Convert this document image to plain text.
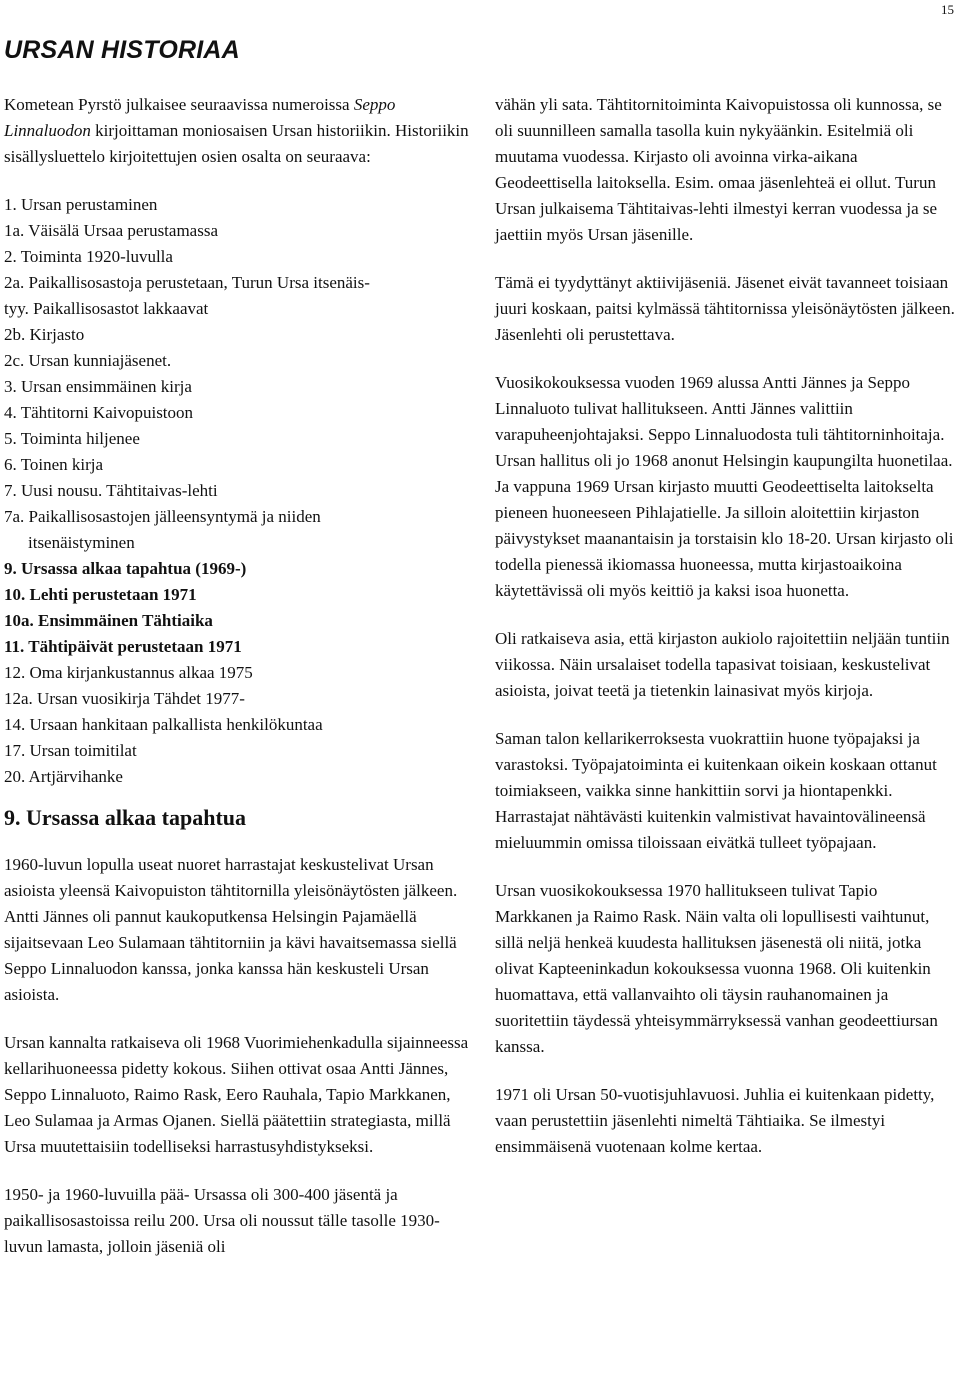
15
URSAN HISTORIAA

Kometean Pyrstö julkaisee seuraavissa numeroissa Seppo Linnaluodon kirjoittaman moniosaisen Ursan historiikin. Historiikin sisällysluettelo kirjoitettujen osien osalta on seuraava:

1. Ursan perustaminen
1a. Väisälä Ursaa perustamassa
2. Toiminta 1920-luvulla
2a. Paikallisosastoja perustetaan, Turun Ursa itsenäis-
tyy. Paikallisosastot lakkaavat
2b. Kirjasto
2c. Ursan kunniajäsenet.
3. Ursan ensimmäinen kirja
4. Tähtitorni Kaivopuistoon
5. Toiminta hiljenee
6. Toinen kirja
7. Uusi nousu. Tähtitaivas-lehti
7a. Paikallisosastojen jälleensyntymä ja niiden
itsenäistyminen
9. Ursassa alkaa tapahtua (1969-)
10. Lehti perustetaan 1971
10a. Ensimmäinen Tähtiaika
11. Tähtipäivät perustetaan 1971
12. Oma kirjankustannus alkaa 1975
12a. Ursan vuosikirja Tähdet 1977-
14. Ursaan hankitaan palkallista henkilökuntaa
17. Ursan toimitilat
20. Artjärvihanke
9. Ursassa alkaa tapahtua

1960-luvun lopulla useat nuoret harrastajat keskustelivat Ursan asioista yleensä Kaivopuiston tähtitornilla yleisönäytösten jälkeen. Antti Jännes oli pannut kaukoputkensa Helsingin Pajamäellä sijaitsevaan Leo Sulamaan tähtitorniin ja kävi havaitsemassa siellä Seppo Linnaluodon kanssa, jonka kanssa hän keskusteli Ursan asioista.

Ursan kannalta ratkaiseva oli 1968 Vuorimiehenkadulla sijainneessa kellarihuoneessa pidetty kokous. Siihen ottivat osaa Antti Jännes, Seppo Linnaluoto, Raimo Rask, Eero Rauhala, Tapio Markkanen, Leo Sulamaa ja Armas Ojanen. Siellä päätettiin strategiasta, millä Ursa muutettaisiin todelliseksi harrastusyhdistykseksi.

1950- ja 1960-luvuilla pää- Ursassa oli 300-400 jäsentä ja paikallisosastoissa reilu 200. Ursa oli noussut tälle tasolle 1930-luvun lamasta, jolloin jäseniä oli

vähän yli sata. Tähtitornitoiminta Kaivopuistossa oli kunnossa, se oli suunnilleen samalla tasolla kuin nykyäänkin. Esitelmiä oli muutama vuodessa. Kirjasto oli avoinna virka-aikana Geodeettisella laitoksella. Esim. omaa jäsenlehteä ei ollut. Turun Ursan julkaisema Tähtitaivas-lehti ilmestyi kerran vuodessa ja se jaettiin myös Ursan jäsenille.

Tämä ei tyydyttänyt aktiivijäseniä. Jäsenet eivät tavanneet toisiaan juuri koskaan, paitsi kylmässä tähtitornissa yleisönäytösten jälkeen. Jäsenlehti oli perustettava.

Vuosikokouksessa vuoden 1969 alussa Antti Jännes ja Seppo Linnaluoto tulivat hallitukseen. Antti Jännes valittiin varapuheenjohtajaksi. Seppo Linnaluodosta tuli tähtitorninhoitaja. Ursan hallitus oli jo 1968 anonut Helsingin kaupungilta huonetilaa. Ja vappuna 1969 Ursan kirjasto muutti Geodeettiselta laitokselta pieneen huoneeseen Pihlajatielle. Ja silloin aloitettiin kirjaston päivystykset maanantaisin ja torstaisin klo 18-20. Ursan kirjasto oli todella pienessä ikiomassa huoneessa, mutta kirjastoaikoina käytettävissä oli myös keittiö ja kaksi isoa huonetta.

Oli ratkaiseva asia, että kirjaston aukiolo rajoitettiin neljään tuntiin viikossa. Näin ursalaiset todella tapasivat toisiaan, keskustelivat asioista, joivat teetä ja tietenkin lainasivat myös kirjoja.

Saman talon kellarikerroksesta vuokrattiin huone työpajaksi ja varastoksi. Työpajatoiminta ei kuitenkaan oikein koskaan ottanut toimiakseen, vaikka sinne hankittiin sorvi ja hiontapenkki. Harrastajat nähtävästi kuitenkin valmistivat havaintovälineensä mieluummin omissa tiloissaan eivätkä tulleet työpajaan.

Ursan vuosikokouksessa 1970 hallitukseen tulivat Tapio Markkanen ja Raimo Rask. Näin valta oli lopullisesti vaihtunut, sillä neljä henkeä kuudesta hallituksen jäsenestä oli niitä, jotka olivat Kapteeninkadun kokouksessa vuonna 1968. Oli kuitenkin huomattava, että vallanvaihto oli täysin rauhanomainen ja suoritettiin täydessä yhteisymmärryksessä vanhan geodeettiursan kanssa.

1971 oli Ursan 50-vuotisjuhlavuosi. Juhlia ei kuitenkaan pidetty, vaan perustettiin jäsenlehti nimeltä Tähtiaika. Se ilmestyi ensimmäisenä vuotenaan kolme kertaa.
